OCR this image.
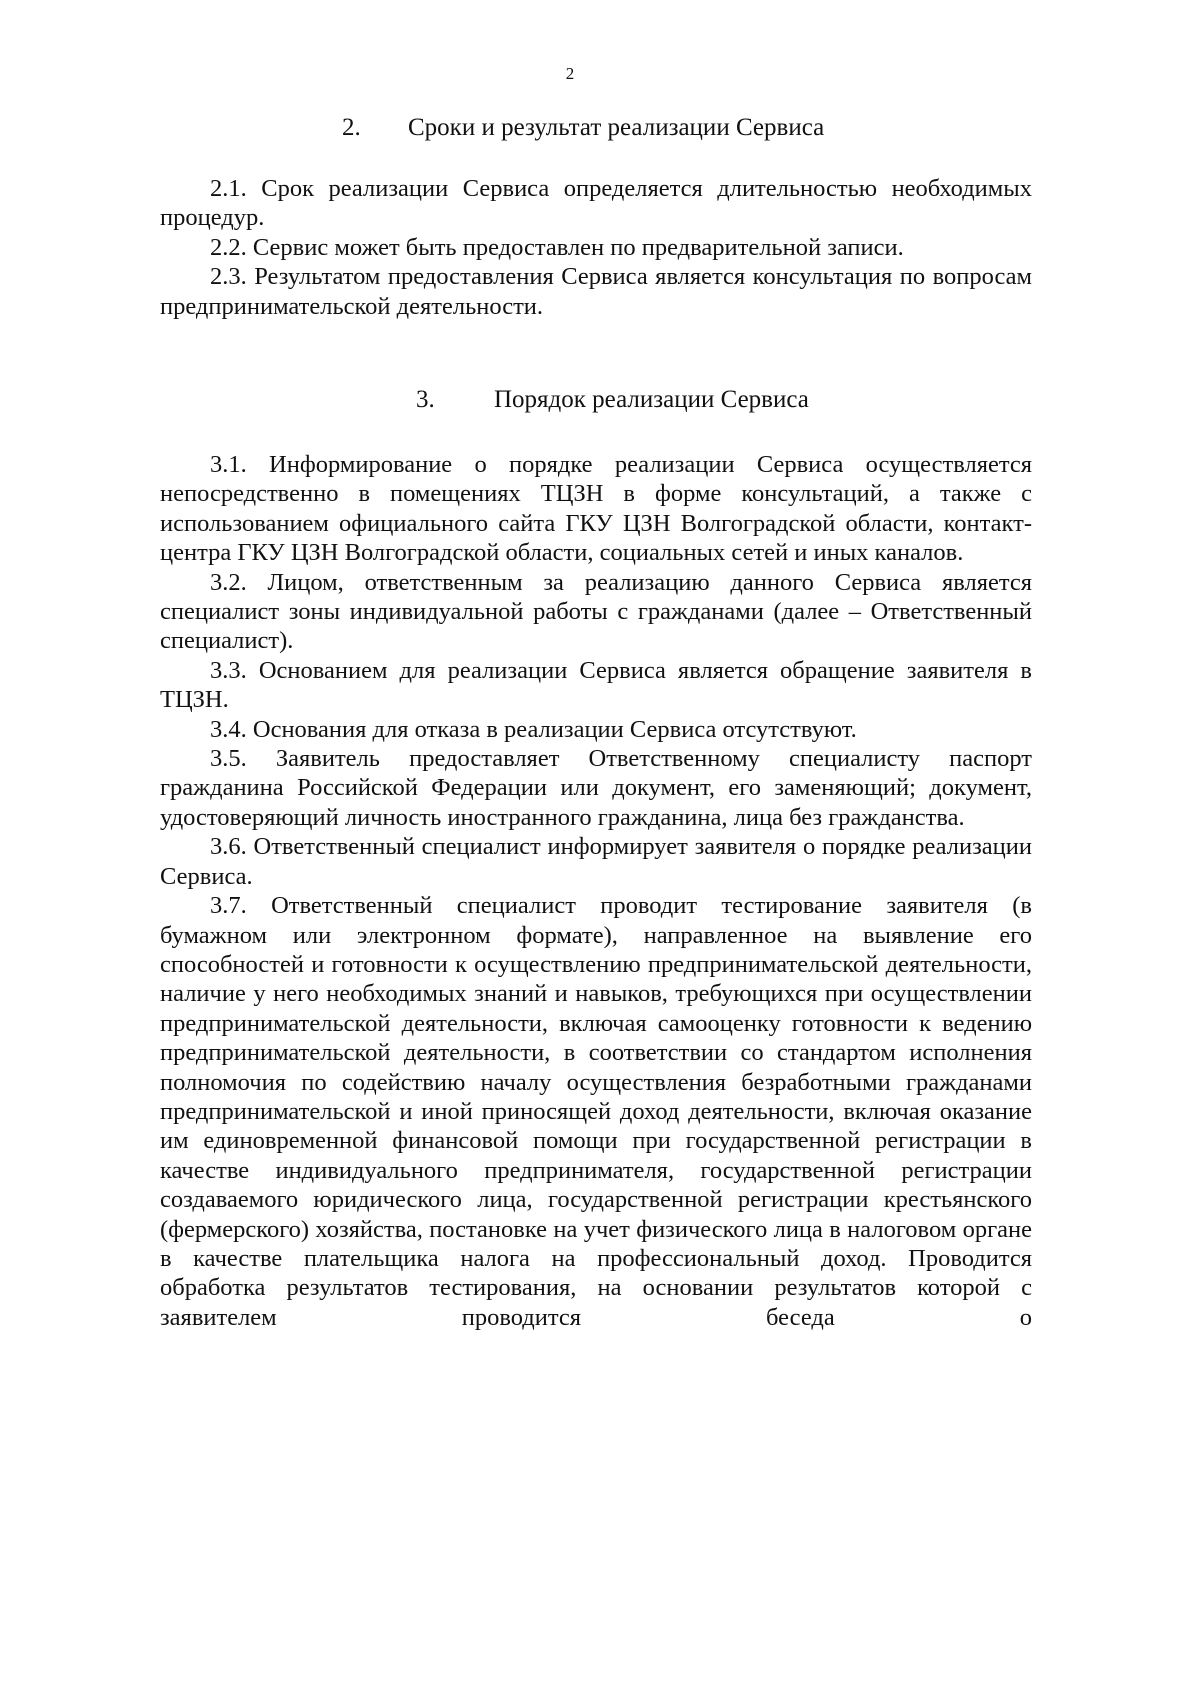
2
2. Сроки и результат реализации Сервиса

2.1. Срок реализации Сервиса определяется длительностью необходимых процедур.

2.2. Сервис может быть предоставлен по предварительной записи.

2.3. Результатом предоставления Сервиса является консультация по вопросам предпринимательской деятельности.

3. Порядок реализации Сервиса

3.1. Информирование о порядке реализации Сервиса осуществляется непосредственно в помещениях ТЦЗН в форме консультаций, а также с использованием официального сайта ГКУ ЦЗН Волгоградской области, контакт-центра ГКУ ЦЗН Волгоградской области, социальных сетей и иных каналов.

3.2. Лицом, ответственным за реализацию данного Сервиса является специалист зоны индивидуальной работы с гражданами (далее – Ответственный специалист).

3.3. Основанием для реализации Сервиса является обращение заявителя в ТЦЗН.

3.4. Основания для отказа в реализации Сервиса отсутствуют.

3.5. Заявитель предоставляет Ответственному специалисту паспорт гражданина Российской Федерации или документ, его заменяющий; документ, удостоверяющий личность иностранного гражданина, лица без гражданства.

3.6. Ответственный специалист информирует заявителя о порядке реализации Сервиса.

3.7. Ответственный специалист проводит тестирование заявителя (в бумажном или электронном формате), направленное на выявление его способностей и готовности к осуществлению предпринимательской деятельности, наличие у него необходимых знаний и навыков, требующихся при осуществлении предпринимательской деятельности, включая самооценку готовности к ведению предпринимательской деятельности, в соответствии со стандартом исполнения полномочия по содействию началу осуществления безработными гражданами предпринимательской и иной приносящей доход деятельности, включая оказание им единовременной финансовой помощи при государственной регистрации в качестве индивидуального предпринимателя, государственной регистрации создаваемого юридического лица, государственной регистрации крестьянского (фермерского) хозяйства, постановке на учет физического лица в налоговом органе в качестве плательщика налога на профессиональный доход. Проводится обработка результатов тестирования, на основании результатов которой с заявителем проводится беседа о
